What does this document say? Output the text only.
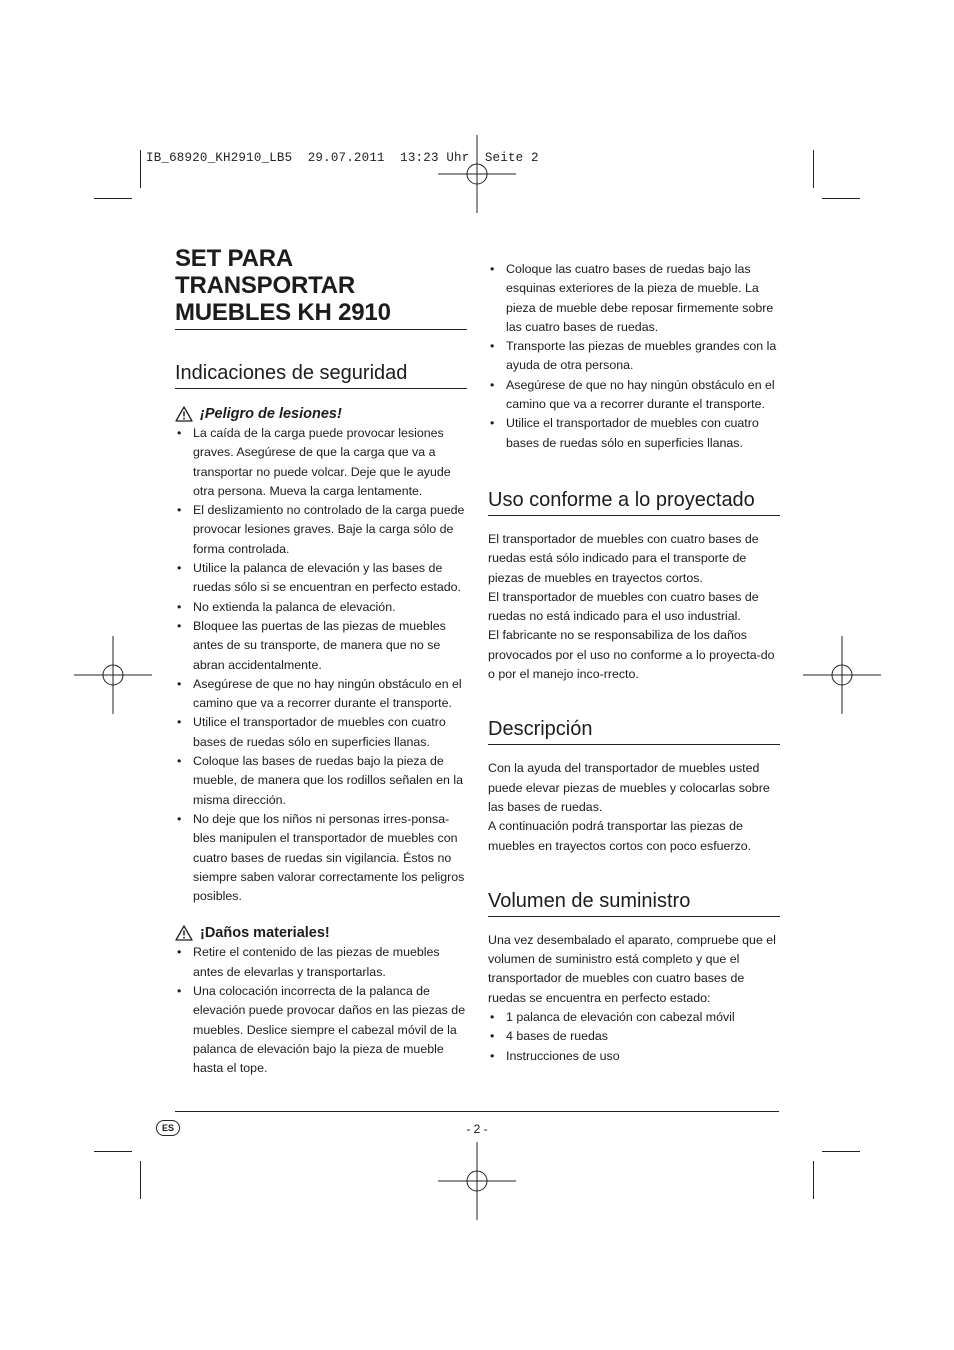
IB_68920_KH2910_LB5  29.07.2011  13:23 Uhr  Seite 2
SET PARA TRANSPORTAR MUEBLES KH 2910
Indicaciones de seguridad
¡Peligro de lesiones!
• La caída de la carga puede provocar lesiones graves. Asegúrese de que la carga que va a transportar no puede volcar. Deje que le ayude otra persona. Mueva la carga lentamente.
• El deslizamiento no controlado de la carga puede provocar lesiones graves. Baje la carga sólo de forma controlada.
• Utilice la palanca de elevación y las bases de ruedas sólo si se encuentran en perfecto estado.
• No extienda la palanca de elevación.
• Bloquee las puertas de las piezas de muebles antes de su transporte, de manera que no se abran accidentalmente.
• Asegúrese de que no hay ningún obstáculo en el camino que va a recorrer durante el transporte.
• Utilice el transportador de muebles con cuatro bases de ruedas sólo en superficies llanas.
• Coloque las bases de ruedas bajo la pieza de mueble, de manera que los rodillos señalen en la misma dirección.
• No deje que los niños ni personas irres-ponsa-bles manipulen el transportador de muebles con cuatro bases de ruedas sin vigilancia. Éstos no siempre saben valorar correctamente los peligros posibles.
¡Daños materiales!
• Retire el contenido de las piezas de muebles antes de elevarlas y transportarlas.
• Una colocación incorrecta de la palanca de elevación puede provocar daños en las piezas de muebles. Deslice siempre el cabezal móvil de la palanca de elevación bajo la pieza de mueble hasta el tope.
• Coloque las cuatro bases de ruedas bajo las esquinas exteriores de la pieza de mueble. La pieza de mueble debe reposar firmemente sobre las cuatro bases de ruedas.
• Transporte las piezas de muebles grandes con la ayuda de otra persona.
• Asegúrese de que no hay ningún obstáculo en el camino que va a recorrer durante el transporte.
• Utilice el transportador de muebles con cuatro bases de ruedas sólo en superficies llanas.
Uso conforme a lo proyectado

El transportador de muebles con cuatro bases de ruedas está sólo indicado para el transporte de piezas de muebles en trayectos cortos.

El transportador de muebles con cuatro bases de ruedas no está indicado para el uso industrial.

El fabricante no se responsabiliza de los daños provocados por el uso no conforme a lo proyecta-do o por el manejo inco-rrecto.

Descripción

Con la ayuda del transportador de muebles usted puede elevar piezas de muebles y colocarlas sobre las bases de ruedas.

A continuación podrá transportar las piezas de muebles en trayectos cortos con poco esfuerzo.

Volumen de suministro

Una vez desembalado el aparato, compruebe que el volumen de suministro está completo y que el transportador de muebles con cuatro bases de ruedas se encuentra en perfecto estado:

• 1 palanca de elevación con cabezal móvil
• 4 bases de ruedas
• Instrucciones de uso
ES	- 2 -
